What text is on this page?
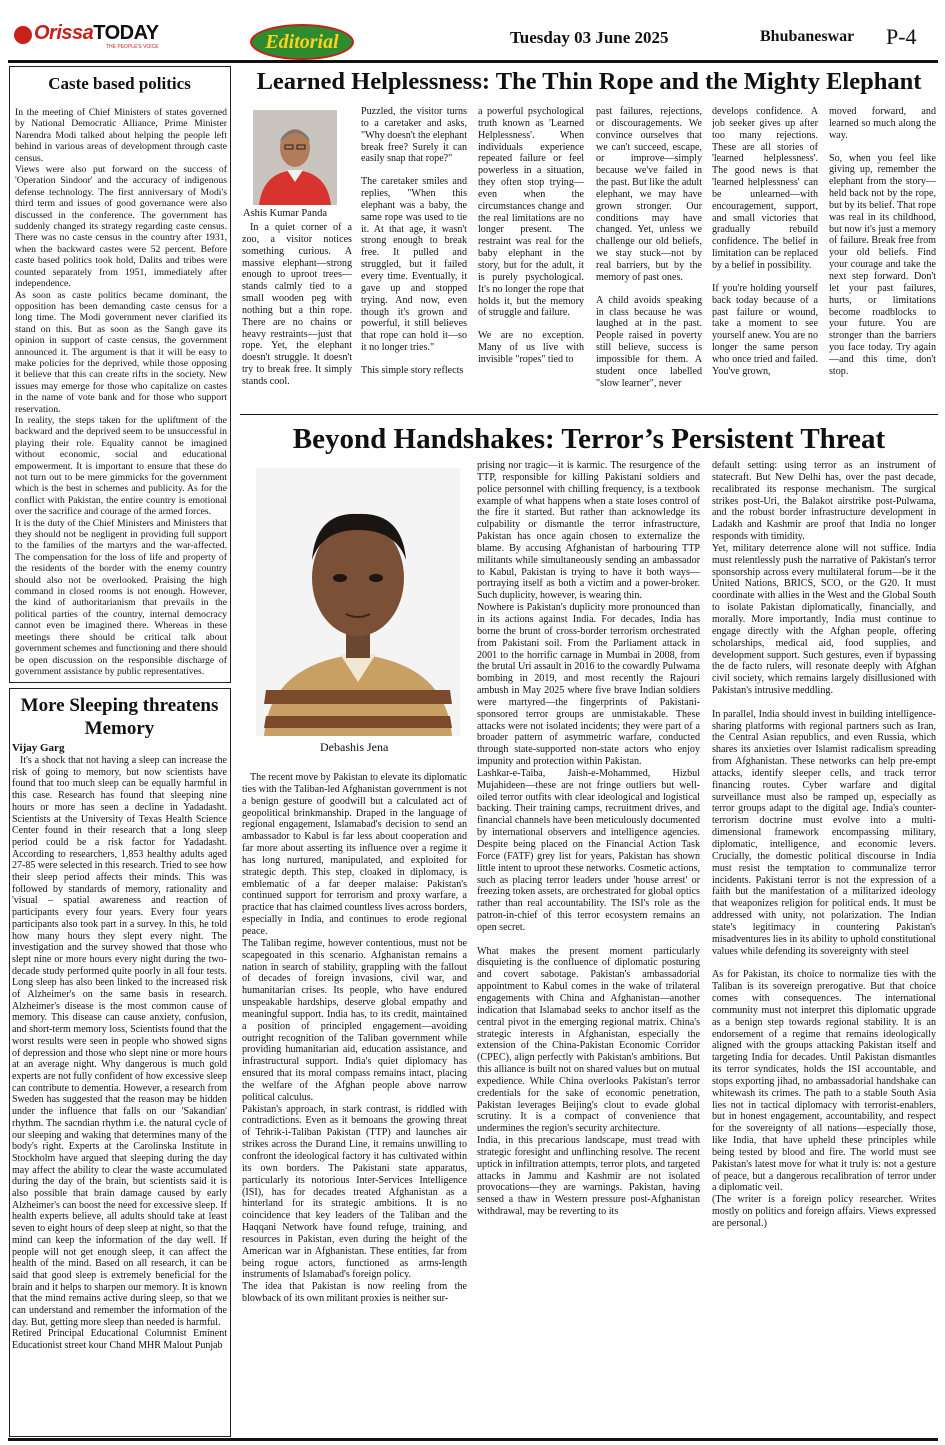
OrissaTODAY
THE PEOPLE'S VOICE	Editorial	Tuesday 03 June 2025	Bhubaneswar P-4
Caste based politics

In the meeting of Chief Ministers of states governed by National Democratic Alliance, Prime Minister Narendra Modi talked about helping the people left behind in various areas of development through caste census.

Views were also put forward on the success of 'Operation Sindoor' and the accuracy of indigenous defense technology. The first anniversary of Modi's third term and issues of good governance were also discussed in the conference. The government has suddenly changed its strategy regarding caste census. There was no caste census in the country after 1931, when the backward castes were 52 percent. Before caste based politics took hold, Dalits and tribes were counted separately from 1951, immediately after independence.

As soon as caste politics became dominant, the opposition has been demanding caste census for a long time. The Modi government never clarified its stand on this. But as soon as the Sangh gave its opinion in support of caste census, the government announced it. The argument is that it will be easy to make policies for the deprived, while those opposing it believe that this can create rifts in the society. New issues may emerge for those who capitalize on castes in the name of vote bank and for those who support reservation.

In reality, the steps taken for the upliftment of the backward and the deprived seem to be unsuccessful in playing their role. Equality cannot be imagined without economic, social and educational empowerment. It is important to ensure that these do not turn out to be mere gimmicks for the government which is the best in schemes and publicity. As for the conflict with Pakistan, the entire country is emotional over the sacrifice and courage of the armed forces.

It is the duty of the Chief Ministers and Ministers that they should not be negligent in providing full support to the families of the martyrs and the war-affected. The compensation for the loss of life and property of the residents of the border with the enemy country should also not be overlooked. Praising the high command in closed rooms is not enough. However, the kind of authoritarianism that prevails in the political parties of the country, internal democracy cannot even be imagined there. Whereas in these meetings there should be critical talk about government schemes and functioning and there should be open discussion on the responsible discharge of government assistance by public representatives.

More Sleeping threatens Memory
Vijay Garg

It's a shock that not having a sleep can increase the risk of going to memory, but now scientists have found that too much sleep can be equally harmful in this case. Research has found that sleeping nine hours or more has seen a decline in Yadadasht. Scientists at the University of Texas Health Science Center found in their research that a long sleep period could be a risk factor for Yadadasht. According to researchers, 1,853 healthy adults aged 27-85 were selected in this research. Tried to see how their sleep period affects their minds. This was followed by standards of memory, rationality and 'visual – spatial awareness and reaction of participants every four years. Every four years participants also took part in a survey. In this, he told how many hours they slept every night. The investigation and the survey showed that those who slept nine or more hours every night during the two-decade study performed quite poorly in all four tests. Long sleep has also been linked to the increased risk of Alzheimer's on the same basis in research. Alzheimer's disease is the most common cause of memory. This disease can cause anxiety, confusion, and short-term memory loss, Scientists found that the worst results were seen in people who showed signs of depression and those who slept nine or more hours at an average night. Why dangerous is much gold experts are not fully confident of how excessive sleep can contribute to dementia. However, a research from Sweden has suggested that the reason may be hidden under the influence that falls on our 'Sakandian' rhythm. The sacndian rhythm i.e. the natural cycle of our sleeping and waking that determines many of the body's right. Experts at the Carolinska Institute in Stockholm have argued that sleeping during the day may affect the ability to clear the waste accumulated during the day of the brain, but scientists said it is also possible that brain damage caused by early Alzheimer's can boost the need for excessive sleep. If health experts believe, all adults should take at least seven to eight hours of deep sleep at night, so that the mind can keep the information of the day well. If people will not get enough sleep, it can affect the health of the mind. Based on all research, it can be said that good sleep is extremely beneficial for the brain and it helps to sharpen our memory. It is known that the mind remains active during sleep, so that we can understand and remember the information of the day. But, getting more sleep than needed is harmful.

Retired Principal Educational Columnist Eminent Educationist street kour Chand MHR Malout Punjab

Learned Helplessness: The Thin Rope and the Mighty Elephant
Ashis Kumar Panda

In a quiet corner of a zoo, a visitor notices something curious. A massive elephant—strong enough to uproot trees—stands calmly tied to a small wooden peg with nothing but a thin rope. There are no chains or heavy restraints—just that rope. Yet, the elephant doesn't struggle. It doesn't try to break free. It simply stands cool.

Puzzled, the visitor turns to a caretaker and asks, "Why doesn't the elephant break free? Surely it can easily snap that rope?"

The caretaker smiles and replies, "When this elephant was a baby, the same rope was used to tie it. At that age, it wasn't strong enough to break free. It pulled and struggled, but it failed every time. Eventually, it gave up and stopped trying. And now, even though it's grown and powerful, it still believes that rope can hold it—so it no longer tries."

This simple story reflects

a powerful psychological truth known as 'Learned Helplessness'. When individuals experience repeated failure or feel powerless in a situation, they often stop trying—even when the circumstances change and the real limitations are no longer present. The restraint was real for the baby elephant in the story, but for the adult, it is purely psychological. It's no longer the rope that holds it, but the memory of struggle and failure.

We are no exception. Many of us live with invisible "ropes" tied to

past failures, rejections, or discouragements. We convince ourselves that we can't succeed, escape, or improve—simply because we've failed in the past. But like the adult elephant, we may have grown stronger. Our conditions may have changed. Yet, unless we challenge our old beliefs, we stay stuck—not by real barriers, but by the memory of past ones.

A child avoids speaking in class because he was laughed at in the past. People raised in poverty still believe, success is impossible for them. A student once labelled "slow learner", never

develops confidence. A job seeker gives up after too many rejections. These are all stories of 'learned helplessness'. The good news is that 'learned helplessness' can be unlearned—with encouragement, support, and small victories that gradually rebuild confidence. The belief in limitation can be replaced by a belief in possibility.

If you're holding yourself back today because of a past failure or wound, take a moment to see yourself anew. You are no longer the same person who once tried and failed. You've grown,

moved forward, and learned so much along the way.

So, when you feel like giving up, remember the elephant from the story—held back not by the rope, but by its belief. That rope was real in its childhood, but now it's just a memory of failure. Break free from your old beliefs. Find your courage and take the next step forward. Don't let your past failures, hurts, or limitations become roadblocks to your future. You are stronger than the barriers you face today. Try again—and this time, don't stop.

Beyond Handshakes: Terror’s Persistent Threat
Debashis Jena

The recent move by Pakistan to elevate its diplomatic ties with the Taliban-led Afghanistan government is not a benign gesture of goodwill but a calculated act of geopolitical brinkmanship. Draped in the language of regional engagement, Islamabad's decision to send an ambassador to Kabul is far less about cooperation and far more about asserting its influence over a regime it has long nurtured, manipulated, and exploited for strategic depth. This step, cloaked in diplomacy, is emblematic of a far deeper malaise: Pakistan's continued support for terrorism and proxy warfare, a practice that has claimed countless lives across borders, especially in India, and continues to erode regional peace.

The Taliban regime, however contentious, must not be scapegoated in this scenario. Afghanistan remains a nation in search of stability, grappling with the fallout of decades of foreign invasions, civil war, and humanitarian crises. Its people, who have endured unspeakable hardships, deserve global empathy and meaningful support. India has, to its credit, maintained a position of principled engagement—avoiding outright recognition of the Taliban government while providing humanitarian aid, education assistance, and infrastructural support. India's quiet diplomacy has ensured that its moral compass remains intact, placing the welfare of the Afghan people above narrow political calculus.

Pakistan's approach, in stark contrast, is riddled with contradictions. Even as it bemoans the growing threat of Tehrik-i-Taliban Pakistan (TTP) and launches air strikes across the Durand Line, it remains unwilling to confront the ideological factory it has cultivated within its own borders. The Pakistani state apparatus, particularly its notorious Inter-Services Intelligence (ISI), has for decades treated Afghanistan as a hinterland for its strategic ambitions. It is no coincidence that key leaders of the Taliban and the Haqqani Network have found refuge, training, and resources in Pakistan, even during the height of the American war in Afghanistan. These entities, far from being rogue actors, functioned as arms-length instruments of Islamabad's foreign policy.

The idea that Pakistan is now reeling from the blowback of its own militant proxies is neither sur-

prising nor tragic—it is karmic. The resurgence of the TTP, responsible for killing Pakistani soldiers and police personnel with chilling frequency, is a textbook example of what happens when a state loses control of the fire it started. But rather than acknowledge its culpability or dismantle the terror infrastructure, Pakistan has once again chosen to externalize the blame. By accusing Afghanistan of harbouring TTP militants while simultaneously sending an ambassador to Kabul, Pakistan is trying to have it both ways—portraying itself as both a victim and a power-broker. Such duplicity, however, is wearing thin.

Nowhere is Pakistan's duplicity more pronounced than in its actions against India. For decades, India has borne the brunt of cross-border terrorism orchestrated from Pakistani soil. From the Parliament attack in 2001 to the horrific carnage in Mumbai in 2008, from the brutal Uri assault in 2016 to the cowardly Pulwama bombing in 2019, and most recently the Rajouri ambush in May 2025 where five brave Indian soldiers were martyred—the fingerprints of Pakistani-sponsored terror groups are unmistakable. These attacks were not isolated incidents; they were part of a broader pattern of asymmetric warfare, conducted through state-supported non-state actors who enjoy impunity and protection within Pakistan.

Lashkar-e-Taiba, Jaish-e-Mohammed, Hizbul Mujahideen—these are not fringe outliers but well-oiled terror outfits with clear ideological and logistical backing. Their training camps, recruitment drives, and financial channels have been meticulously documented by international observers and intelligence agencies. Despite being placed on the Financial Action Task Force (FATF) grey list for years, Pakistan has shown little intent to uproot these networks. Cosmetic actions, such as placing terror leaders under 'house arrest' or freezing token assets, are orchestrated for global optics rather than real accountability. The ISI's role as the patron-in-chief of this terror ecosystem remains an open secret.

What makes the present moment particularly disquieting is the confluence of diplomatic posturing and covert sabotage. Pakistan's ambassadorial appointment to Kabul comes in the wake of trilateral engagements with China and Afghanistan—another indication that Islamabad seeks to anchor itself as the central pivot in the emerging regional matrix. China's strategic interests in Afghanistan, especially the extension of the China-Pakistan Economic Corridor (CPEC), align perfectly with Pakistan's ambitions. But this alliance is built not on shared values but on mutual expedience. While China overlooks Pakistan's terror credentials for the sake of economic penetration, Pakistan leverages Beijing's clout to evade global scrutiny. It is a compact of convenience that undermines the region's security architecture.

India, in this precarious landscape, must tread with strategic foresight and unflinching resolve. The recent uptick in infiltration attempts, terror plots, and targeted attacks in Jammu and Kashmir are not isolated provocations—they are warnings. Pakistan, having sensed a thaw in Western pressure post-Afghanistan withdrawal, may be reverting to its

default setting: using terror as an instrument of statecraft. But New Delhi has, over the past decade, recalibrated its response mechanism. The surgical strikes post-Uri, the Balakot airstrike post-Pulwama, and the robust border infrastructure development in Ladakh and Kashmir are proof that India no longer responds with timidity.

Yet, military deterrence alone will not suffice. India must relentlessly push the narrative of Pakistan's terror sponsorship across every multilateral forum—be it the United Nations, BRICS, SCO, or the G20. It must coordinate with allies in the West and the Global South to isolate Pakistan diplomatically, financially, and morally. More importantly, India must continue to engage directly with the Afghan people, offering scholarships, medical aid, food supplies, and development support. Such gestures, even if bypassing the de facto rulers, will resonate deeply with Afghan civil society, which remains largely disillusioned with Pakistan's intrusive meddling.

In parallel, India should invest in building intelligence-sharing platforms with regional partners such as Iran, the Central Asian republics, and even Russia, which shares its anxieties over Islamist radicalism spreading from Afghanistan. These networks can help pre-empt attacks, identify sleeper cells, and track terror financing routes. Cyber warfare and digital surveillance must also be ramped up, especially as terror groups adapt to the digital age. India's counter-terrorism doctrine must evolve into a multi-dimensional framework encompassing military, diplomatic, intelligence, and economic levers. Crucially, the domestic political discourse in India must resist the temptation to communalize terror incidents. Pakistani terror is not the expression of a faith but the manifestation of a militarized ideology that weaponizes religion for political ends. It must be addressed with unity, not polarization. The Indian state's legitimacy in countering Pakistan's misadventures lies in its ability to uphold constitutional values while defending its sovereignty with steel

As for Pakistan, its choice to normalize ties with the Taliban is its sovereign prerogative. But that choice comes with consequences. The international community must not interpret this diplomatic upgrade as a benign step towards regional stability. It is an endorsement of a regime that remains ideologically aligned with the groups attacking Pakistan itself and targeting India for decades. Until Pakistan dismantles its terror syndicates, holds the ISI accountable, and stops exporting jihad, no ambassadorial handshake can whitewash its crimes. The path to a stable South Asia lies not in tactical diplomacy with terrorist-enablers, but in honest engagement, accountability, and respect for the sovereignty of all nations—especially those, like India, that have upheld these principles while being tested by blood and fire. The world must see Pakistan's latest move for what it truly is: not a gesture of peace, but a dangerous recalibration of terror under a diplomatic veil.

(The writer is a foreign policy researcher. Writes mostly on politics and foreign affairs. Views expressed are personal.)
